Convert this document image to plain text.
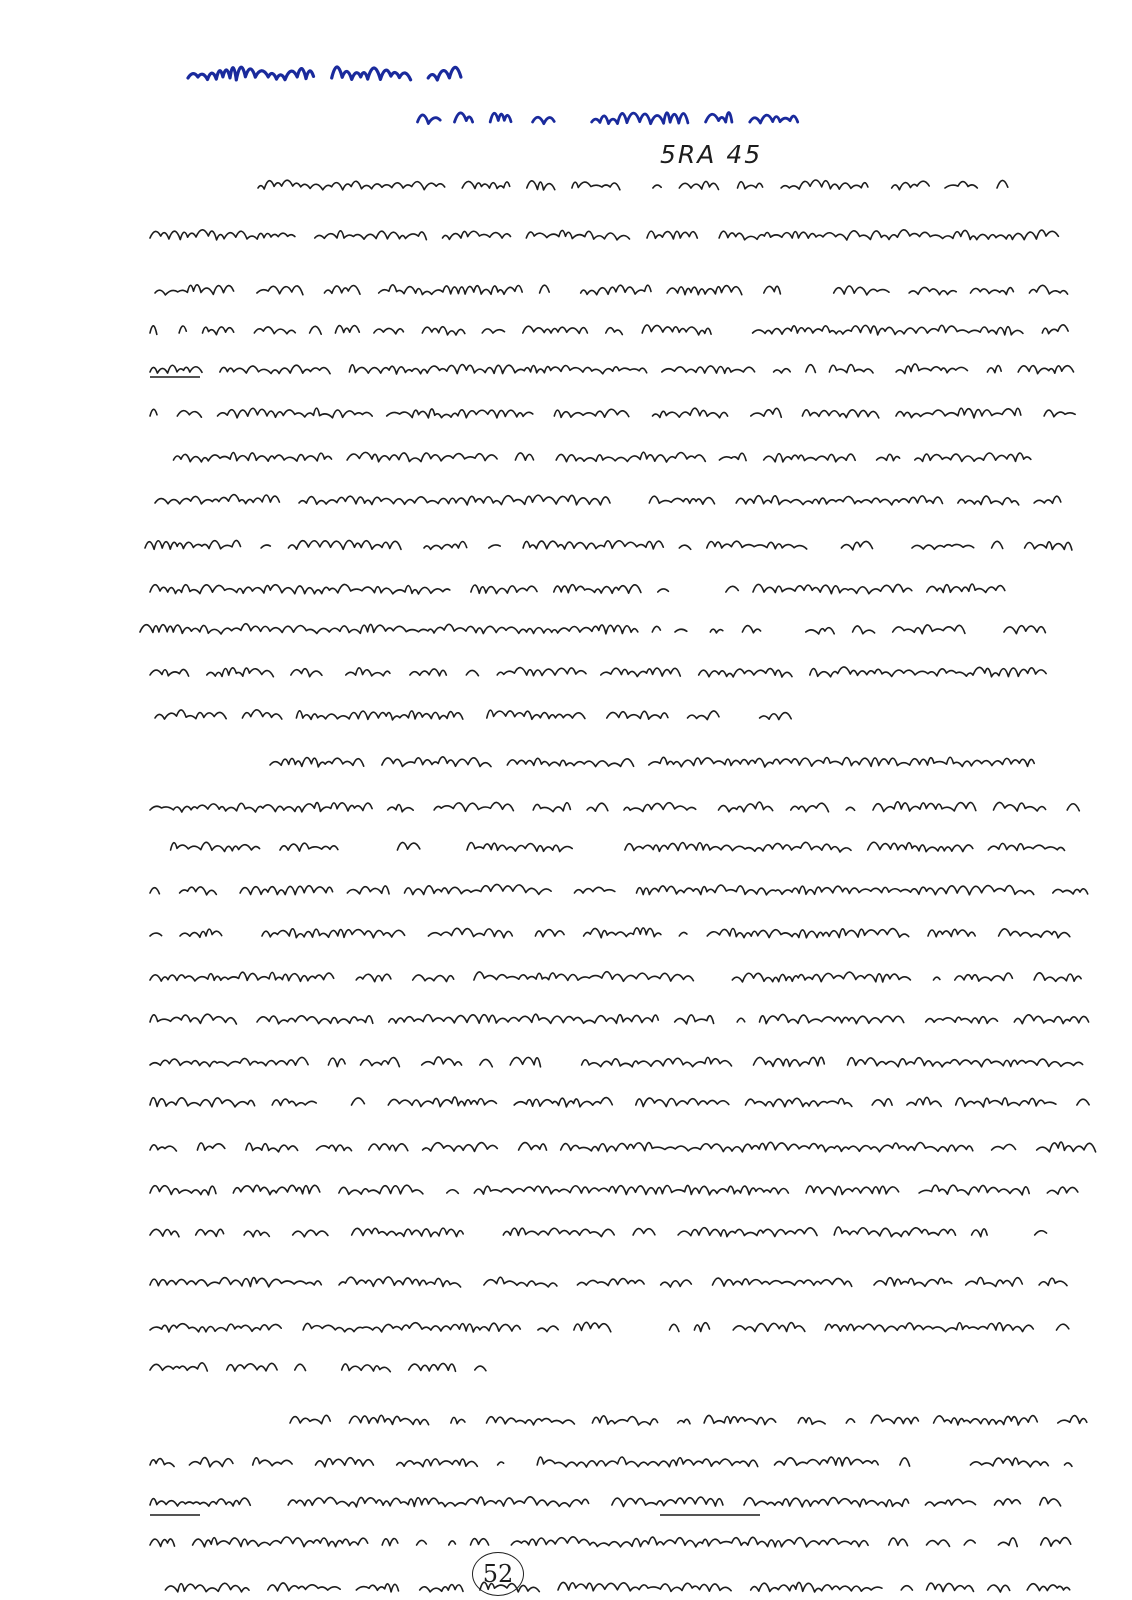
5RA 45
52
